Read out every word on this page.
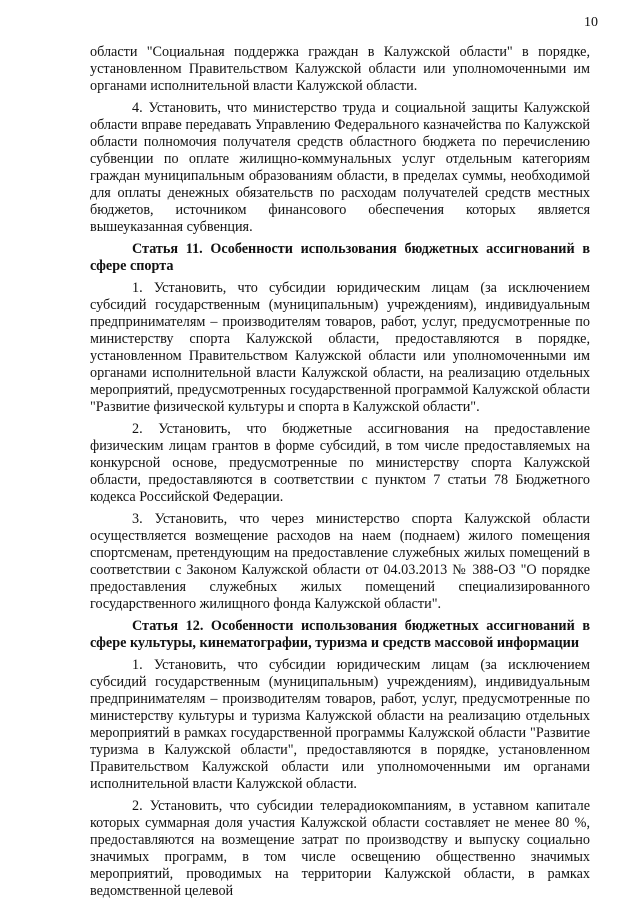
10

области "Социальная поддержка граждан в Калужской области" в порядке, установленном Правительством Калужской области или уполномоченными им органами исполнительной власти Калужской области.

4. Установить, что министерство труда и социальной защиты Калужской области вправе передавать Управлению Федерального казначейства по Калужской области полномочия получателя средств областного бюджета по перечислению субвенции по оплате жилищно-коммунальных услуг отдельным категориям граждан муниципальным образованиям области, в пределах суммы, необходимой для оплаты денежных обязательств по расходам получателей средств местных бюджетов, источником финансового обеспечения которых является вышеуказанная субвенция.

Статья 11. Особенности использования бюджетных ассигнований в сфере спорта

1. Установить, что субсидии юридическим лицам (за исключением субсидий государственным (муниципальным) учреждениям), индивидуальным предпринимателям – производителям товаров, работ, услуг, предусмотренные по министерству спорта Калужской области, предоставляются в порядке, установленном Правительством Калужской области или уполномоченными им органами исполнительной власти Калужской области, на реализацию отдельных мероприятий, предусмотренных государственной программой Калужской области "Развитие физической культуры и спорта в Калужской области".

2. Установить, что бюджетные ассигнования на предоставление физическим лицам грантов в форме субсидий, в том числе предоставляемых на конкурсной основе, предусмотренные по министерству спорта Калужской области, предоставляются в соответствии с пунктом 7 статьи 78 Бюджетного кодекса Российской Федерации.

3. Установить, что через министерство спорта Калужской области осуществляется возмещение расходов на наем (поднаем) жилого помещения спортсменам, претендующим на предоставление служебных жилых помещений в соответствии с Законом Калужской области от 04.03.2013 № 388-ОЗ "О порядке предоставления служебных жилых помещений специализированного государственного жилищного фонда Калужской области".

Статья 12. Особенности использования бюджетных ассигнований в сфере культуры, кинематографии, туризма и средств массовой информации

1. Установить, что субсидии юридическим лицам (за исключением субсидий государственным (муниципальным) учреждениям), индивидуальным предпринимателям – производителям товаров, работ, услуг, предусмотренные по министерству культуры и туризма Калужской области на реализацию отдельных мероприятий в рамках государственной программы Калужской области "Развитие туризма в Калужской области", предоставляются в порядке, установленном Правительством Калужской области или уполномоченными им органами исполнительной власти Калужской области.

2. Установить, что субсидии телерадиокомпаниям, в уставном капитале которых суммарная доля участия Калужской области составляет не менее 80 %, предоставляются на возмещение затрат по производству и выпуску социально значимых программ, в том числе освещению общественно значимых мероприятий, проводимых на территории Калужской области, в рамках ведомственной целевой
